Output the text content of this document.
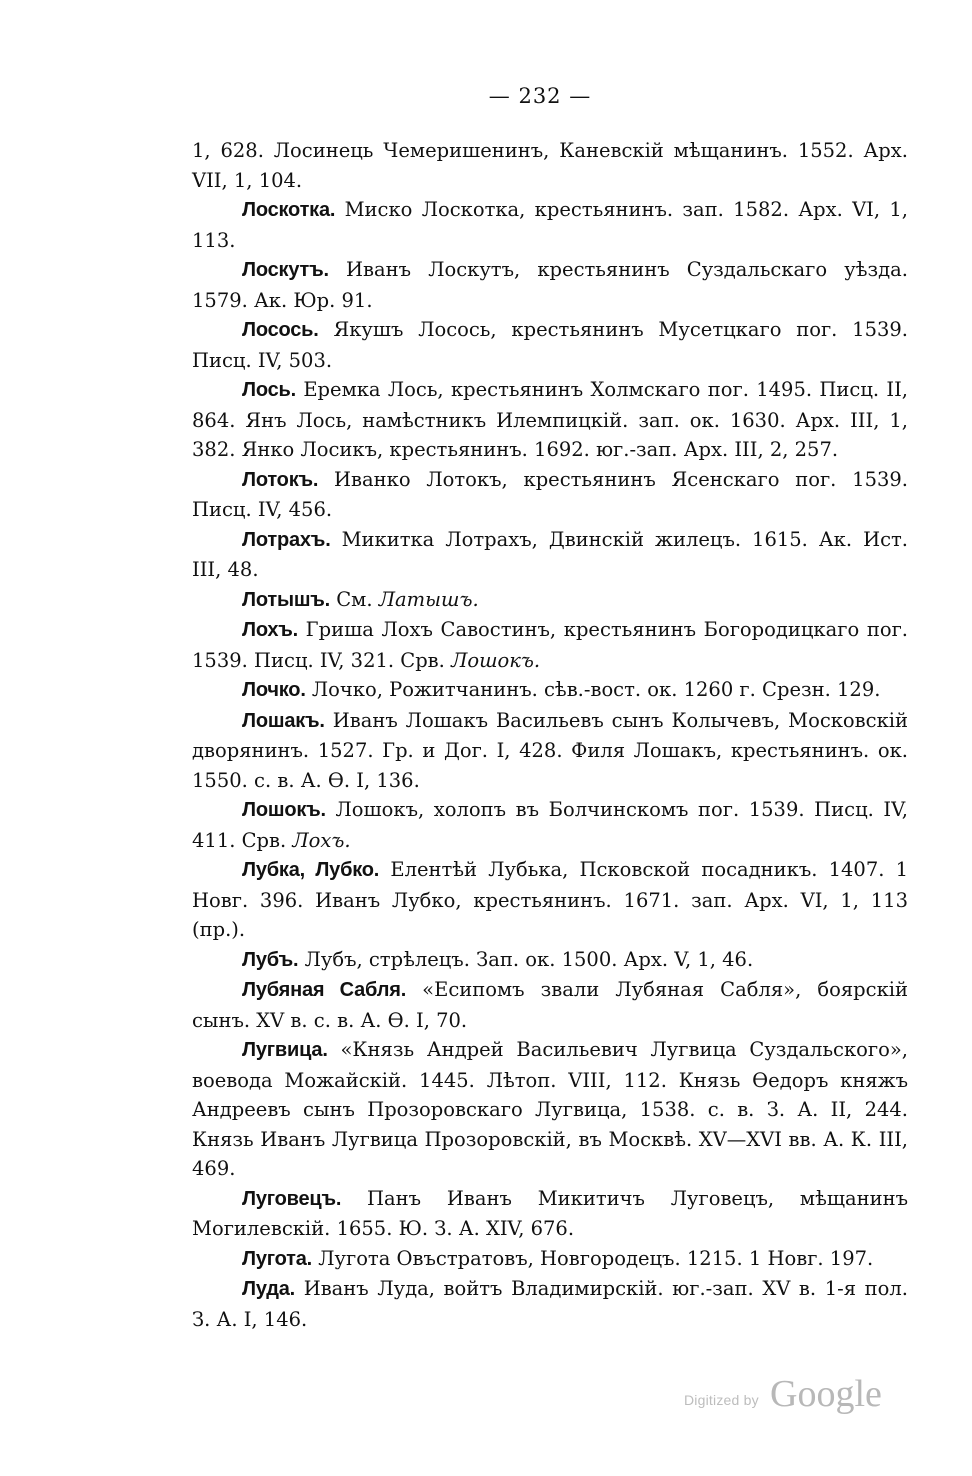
— 232 —

1, 628. Лосинець Чемеришенинъ, Каневскій мѣщанинъ. 1552. Арх. VII, 1, 104.

Лоскотка. Миско Лоскотка, крестьянинъ. зап. 1582. Арх. VI, 1, 113.

Лоскутъ. Иванъ Лоскутъ, крестьянинъ Суздальскаго уѣзда. 1579. Ак. Юр. 91.

Лосось. Якушъ Лосось, крестьянинъ Мусетцкаго пог. 1539. Писц. IV, 503.

Лось. Еремка Лось, крестьянинъ Холмскаго пог. 1495. Писц. II, 864. Янъ Лось, намѣстникъ Илемпицкій. зап. ок. 1630. Арх. III, 1, 382. Янко Лосикъ, крестьянинъ. 1692. юг.-зап. Арх. III, 2, 257.

Лотокъ. Иванко Лотокъ, крестьянинъ Ясенскаго пог. 1539. Писц. IV, 456.

Лотрахъ. Микитка Лотрахъ, Двинскій жилецъ. 1615. Ак. Ист. III, 48.

Лотышъ. См. Латышъ.

Лохъ. Гриша Лохъ Савостинъ, крестьянинъ Богородицкаго пог. 1539. Писц. IV, 321. Срв. Лошокъ.

Лочко. Лочко, Рожитчанинъ. сѣв.-вост. ок. 1260 г. Срезн. 129.

Лошакъ. Иванъ Лошакъ Васильевъ сынъ Колычевъ, Московскій дворянинъ. 1527. Гр. и Дог. I, 428. Филя Лошакъ, крестьянинъ. ок. 1550. с. в. А. Ѳ. I, 136.

Лошокъ. Лошокъ, холопъ въ Болчинскомъ пог. 1539. Писц. IV, 411. Срв. Лохъ.

Лубка, Лубко. Елентѣй Лубька, Псковской посадникъ. 1407. 1 Новг. 396. Иванъ Лубко, крестьянинъ. 1671. зап. Арх. VI, 1, 113 (пр.).

Лубъ. Лубъ, стрѣлецъ. Зап. ок. 1500. Арх. V, 1, 46.

Лубяная Сабля. «Есипомъ звали Лубяная Сабля», боярскій сынъ. XV в. с. в. А. Ѳ. I, 70.

Лугвица. «Князь Андрей Васильевич Лугвица Суздальского», воевода Можайскій. 1445. Лѣтоп. VIII, 112. Князь Ѳедоръ княжъ Андреевъ сынъ Прозоровскаго Лугвица, 1538. с. в. З. А. II, 244. Князь Иванъ Лугвица Прозоровскій, въ Москвѣ. XV—XVI вв. А. К. III, 469.

Луговецъ. Панъ Иванъ Микитичъ Луговецъ, мѣщанинъ Могилевскій. 1655. Ю. З. А. XIV, 676.

Лугота. Лугота Овъстратовъ, Новгородецъ. 1215. 1 Новг. 197.

Луда. Иванъ Луда, войтъ Владимирскій. юг.-зап. XV в. 1-я пол. З. А. I, 146.

Digitized by Google
